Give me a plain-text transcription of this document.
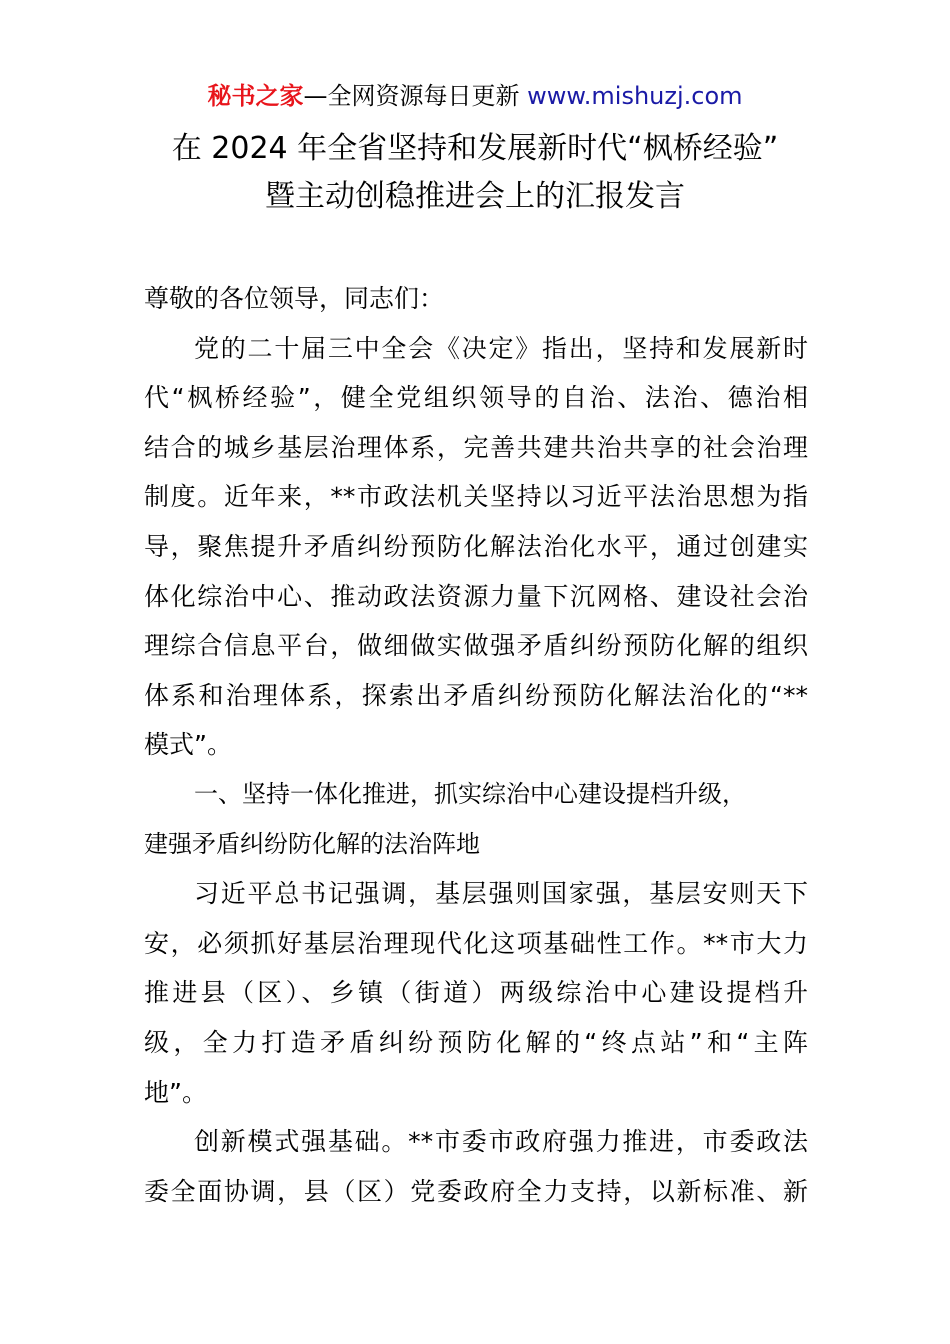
秘书之家—全网资源每日更新 www.mishuzj.com
在 2024 年全省坚持和发展新时代“枫桥经验”
暨主动创稳推进会上的汇报发言
尊敬的各位领导，同志们：
党的二十届三中全会《决定》指出，坚持和发展新时
代“枫桥经验”，健全党组织领导的自治、法治、德治相
结合的城乡基层治理体系，完善共建共治共享的社会治理
制度。近年来，**市政法机关坚持以习近平法治思想为指
导，聚焦提升矛盾纠纷预防化解法治化水平，通过创建实
体化综治中心、推动政法资源力量下沉网格、建设社会治
理综合信息平台，做细做实做强矛盾纠纷预防化解的组织
体系和治理体系，探索出矛盾纠纷预防化解法治化的“**
模式”。
一、坚持一体化推进，抓实综治中心建设提档升级，
建强矛盾纠纷防化解的法治阵地
习近平总书记强调，基层强则国家强，基层安则天下
安，必须抓好基层治理现代化这项基础性工作。**市大力
推进县（区）、乡镇（街道）两级综治中心建设提档升
级，全力打造矛盾纠纷预防化解的“终点站”和“主阵
地”。
创新模式强基础。**市委市政府强力推进，市委政法
委全面协调，县（区）党委政府全力支持，以新标准、新
